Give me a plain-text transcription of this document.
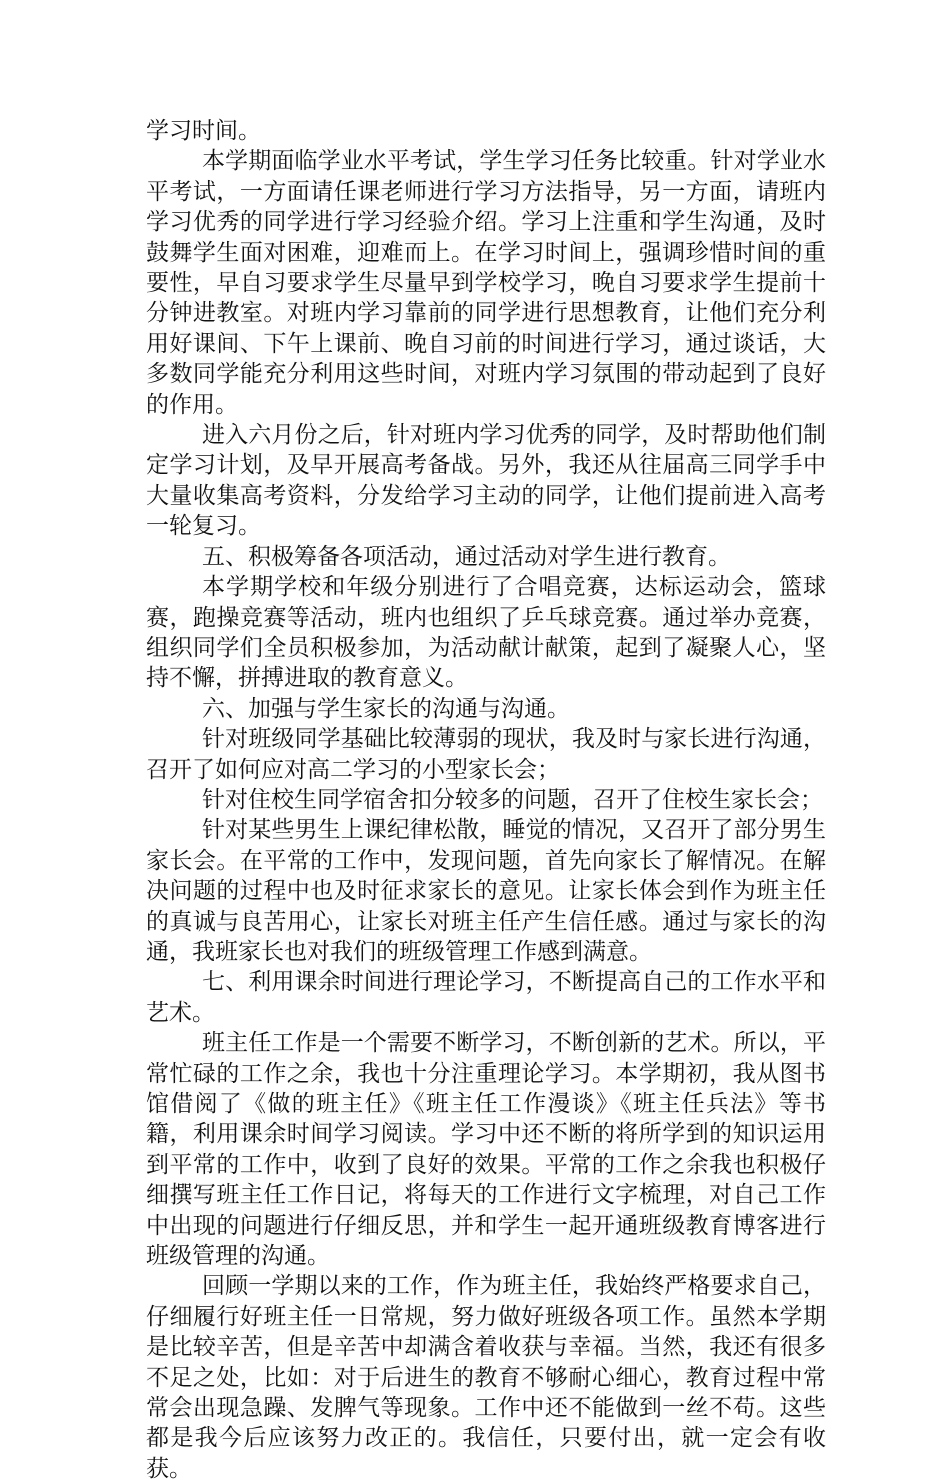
学习时间。

本学期面临学业水平考试，学生学习任务比较重。针对学业水平考试，一方面请任课老师进行学习方法指导，另一方面，请班内学习优秀的同学进行学习经验介绍。学习上注重和学生沟通，及时鼓舞学生面对困难，迎难而上。在学习时间上，强调珍惜时间的重要性，早自习要求学生尽量早到学校学习，晚自习要求学生提前十分钟进教室。对班内学习靠前的同学进行思想教育，让他们充分利用好课间、下午上课前、晚自习前的时间进行学习，通过谈话，大多数同学能充分利用这些时间，对班内学习氛围的带动起到了良好的作用。

进入六月份之后，针对班内学习优秀的同学，及时帮助他们制定学习计划，及早开展高考备战。另外，我还从往届高三同学手中大量收集高考资料，分发给学习主动的同学，让他们提前进入高考一轮复习。

五、积极筹备各项活动，通过活动对学生进行教育。

本学期学校和年级分别进行了合唱竞赛，达标运动会，篮球赛，跑操竞赛等活动，班内也组织了乒乓球竞赛。通过举办竞赛，组织同学们全员积极参加，为活动献计献策，起到了凝聚人心，坚持不懈，拼搏进取的教育意义。

六、加强与学生家长的沟通与沟通。

针对班级同学基础比较薄弱的现状，我及时与家长进行沟通，召开了如何应对高二学习的小型家长会；

针对住校生同学宿舍扣分较多的问题，召开了住校生家长会；

针对某些男生上课纪律松散，睡觉的情况，又召开了部分男生家长会。在平常的工作中，发现问题，首先向家长了解情况。在解决问题的过程中也及时征求家长的意见。让家长体会到作为班主任的真诚与良苦用心，让家长对班主任产生信任感。通过与家长的沟通，我班家长也对我们的班级管理工作感到满意。

七、利用课余时间进行理论学习，不断提高自己的工作水平和艺术。

班主任工作是一个需要不断学习，不断创新的艺术。所以，平常忙碌的工作之余，我也十分注重理论学习。本学期初，我从图书馆借阅了《做的班主任》《班主任工作漫谈》《班主任兵法》等书籍，利用课余时间学习阅读。学习中还不断的将所学到的知识运用到平常的工作中，收到了良好的效果。平常的工作之余我也积极仔细撰写班主任工作日记，将每天的工作进行文字梳理，对自己工作中出现的问题进行仔细反思，并和学生一起开通班级教育博客进行班级管理的沟通。

回顾一学期以来的工作，作为班主任，我始终严格要求自己，仔细履行好班主任一日常规，努力做好班级各项工作。虽然本学期是比较辛苦，但是辛苦中却满含着收获与幸福。当然，我还有很多不足之处，比如：对于后进生的教育不够耐心细心，教育过程中常常会出现急躁、发脾气等现象。工作中还不能做到一丝不苟。这些都是我今后应该努力改正的。我信任，只要付出，就一定会有收获。
